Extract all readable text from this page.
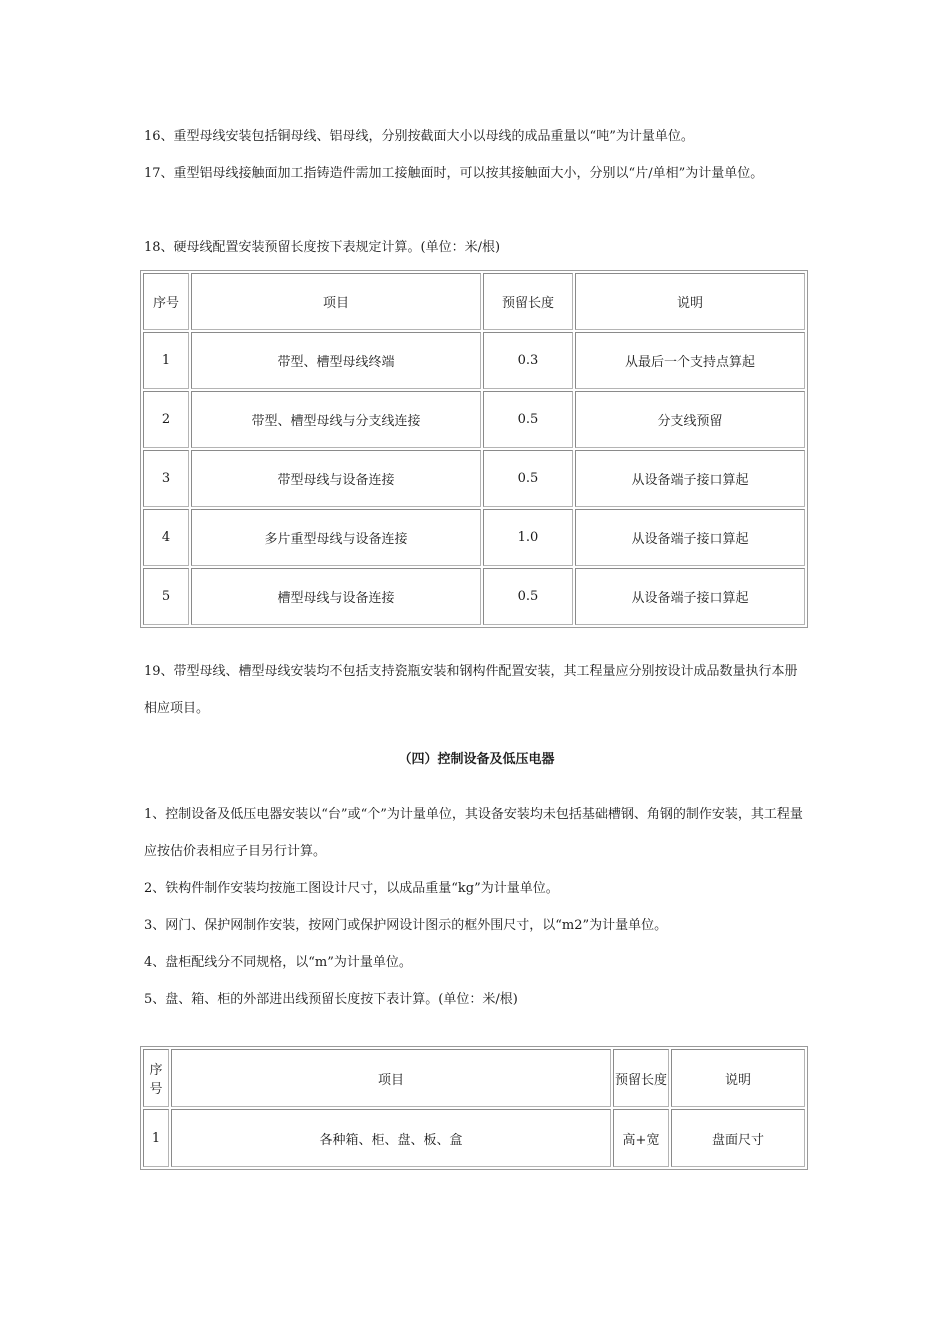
16、重型母线安装包括铜母线、铝母线，分别按截面大小以母线的成品重量以“吨”为计量单位。

17、重型铝母线接触面加工指铸造件需加工接触面时，可以按其接触面大小，分别以“片/单相”为计量单位。

18、硬母线配置安装预留长度按下表规定计算。(单位：米/根)

序号	项目	预留长度	说明
1	带型、槽型母线终端	0.3	从最后一个支持点算起
2	带型、槽型母线与分支线连接	0.5	分支线预留
3	带型母线与设备连接	0.5	从设备端子接口算起
4	多片重型母线与设备连接	1.0	从设备端子接口算起
5	槽型母线与设备连接	0.5	从设备端子接口算起

19、带型母线、槽型母线安装均不包括支持瓷瓶安装和钢构件配置安装，其工程量应分别按设计成品数量执行本册相应项目。

（四）控制设备及低压电器

1、控制设备及低压电器安装以“台”或“个”为计量单位，其设备安装均未包括基础槽钢、角钢的制作安装，其工程量应按估价表相应子目另行计算。

2、铁构件制作安装均按施工图设计尺寸，以成品重量“kg”为计量单位。

3、网门、保护网制作安装，按网门或保护网设计图示的框外围尺寸，以“m2”为计量单位。

4、盘柜配线分不同规格，以“m”为计量单位。

5、盘、箱、柜的外部进出线预留长度按下表计算。(单位：米/根)

序号	项目	预留长度	说明
1	各种箱、柜、盘、板、盒	高+宽	盘面尺寸
